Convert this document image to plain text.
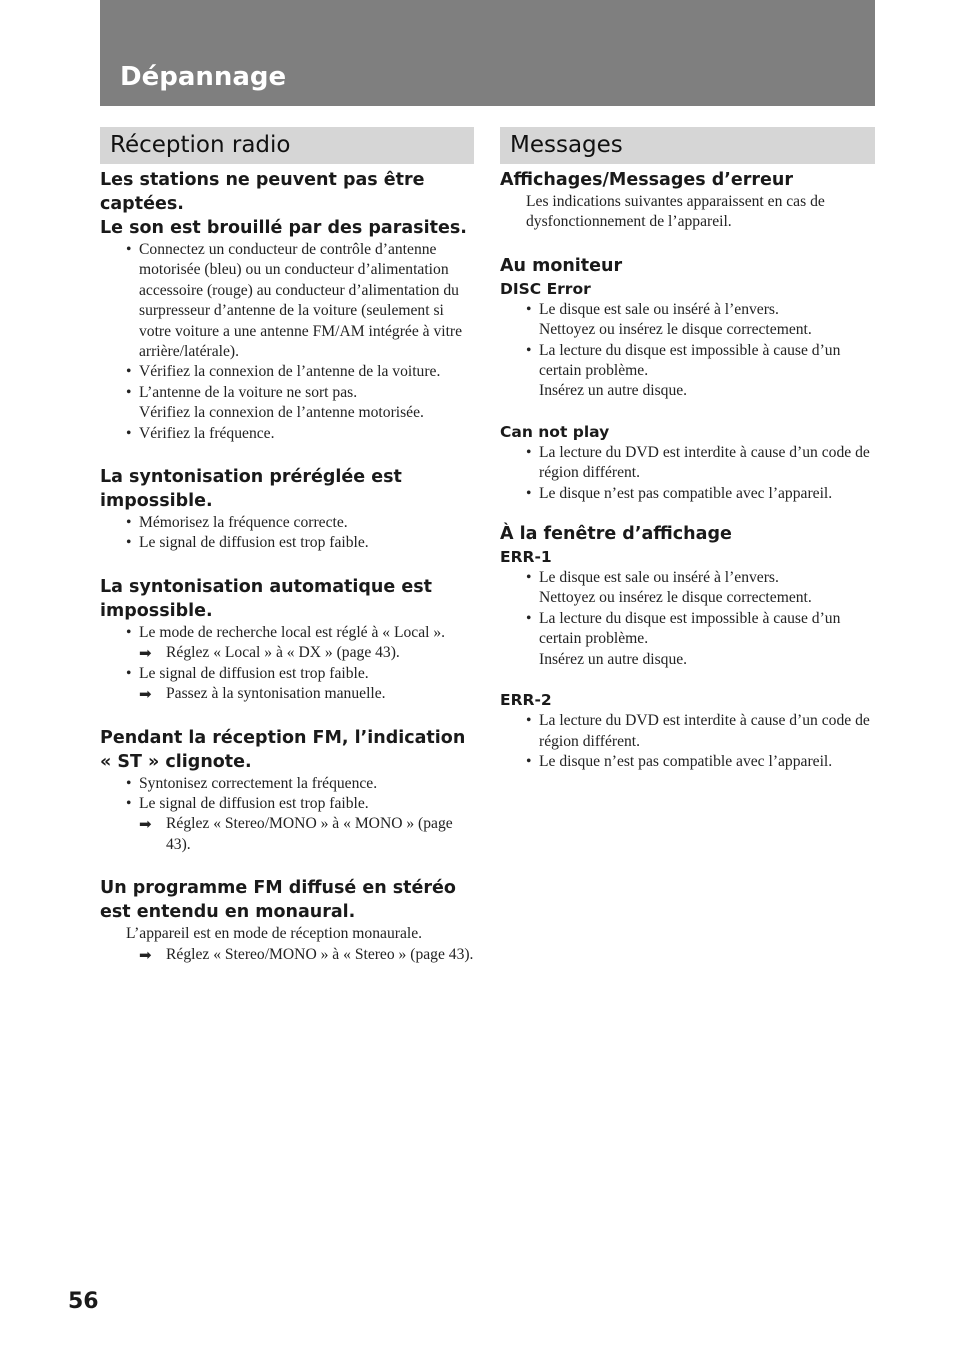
Dépannage
Réception radio
Les stations ne peuvent pas être captées.
Le son est brouillé par des parasites.
• Connectez un conducteur de contrôle d’antenne motorisée (bleu) ou un conducteur d’alimentation accessoire (rouge) au conducteur d’alimentation du surpresseur d’antenne de la voiture (seulement si votre voiture a une antenne FM/AM intégrée à vitre arrière/latérale).
• Vérifiez la connexion de l’antenne de la voiture.
• L’antenne de la voiture ne sort pas.
Vérifiez la connexion de l’antenne motorisée.
• Vérifiez la fréquence.
La syntonisation préréglée est impossible.
• Mémorisez la fréquence correcte.
• Le signal de diffusion est trop faible.
La syntonisation automatique est impossible.
• Le mode de recherche local est réglé à « Local ».
➡ Réglez « Local » à « DX » (page 43).
• Le signal de diffusion est trop faible.
➡ Passez à la syntonisation manuelle.
Pendant la réception FM, l’indication « ST » clignote.
• Syntonisez correctement la fréquence.
• Le signal de diffusion est trop faible.
➡ Réglez « Stereo/MONO » à « MONO » (page 43).
Un programme FM diffusé en stéréo est entendu en monaural.
L’appareil est en mode de réception monaurale.
➡ Réglez « Stereo/MONO » à « Stereo » (page 43).
Messages
Affichages/Messages d’erreur
Les indications suivantes apparaissent en cas de dysfonctionnement de l’appareil.
Au moniteur
DISC Error
• Le disque est sale ou inséré à l’envers.
Nettoyez ou insérez le disque correctement.
• La lecture du disque est impossible à cause d’un certain problème.
Insérez un autre disque.
Can not play
• La lecture du DVD est interdite à cause d’un code de région différent.
• Le disque n’est pas compatible avec l’appareil.
À la fenêtre d’affichage
ERR-1
• Le disque est sale ou inséré à l’envers.
Nettoyez ou insérez le disque correctement.
• La lecture du disque est impossible à cause d’un certain problème.
Insérez un autre disque.
ERR-2
• La lecture du DVD est interdite à cause d’un code de région différent.
• Le disque n’est pas compatible avec l’appareil.
56
